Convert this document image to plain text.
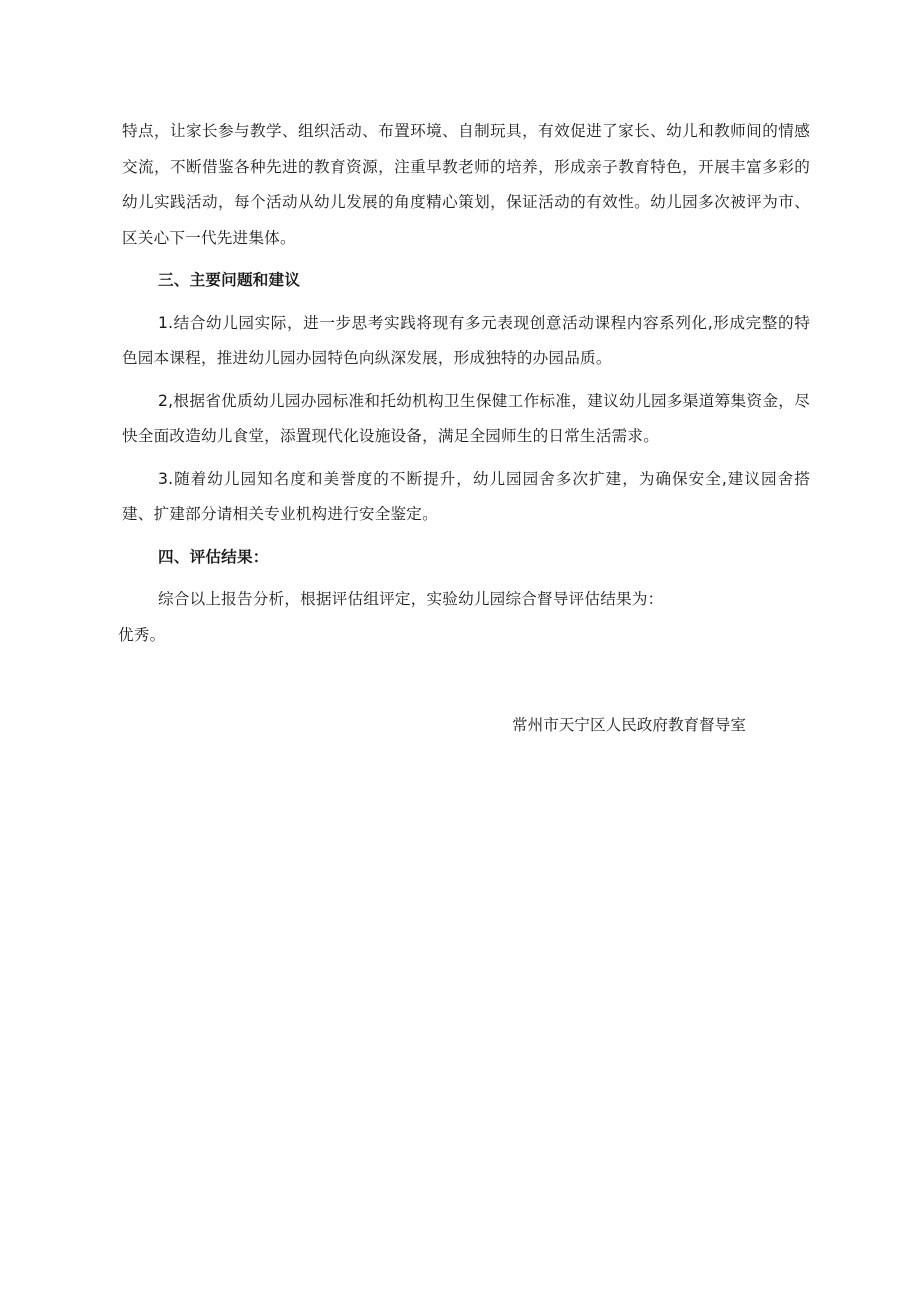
特点，让家长参与教学、组织活动、布置环境、自制玩具，有效促进了家长、幼儿和教师间的情感交流，不断借鉴各种先进的教育资源，注重早教老师的培养，形成亲子教育特色，开展丰富多彩的幼儿实践活动，每个活动从幼儿发展的角度精心策划，保证活动的有效性。幼儿园多次被评为市、区关心下一代先进集体。

三、主要问题和建议

1.结合幼儿园实际，进一步思考实践将现有多元表现创意活动课程内容系列化,形成完整的特色园本课程，推进幼儿园办园特色向纵深发展，形成独特的办园品质。

2,根据省优质幼儿园办园标准和托幼机构卫生保健工作标准，建议幼儿园多渠道筹集资金，尽快全面改造幼儿食堂，添置现代化设施设备，满足全园师生的日常生活需求。

3.随着幼儿园知名度和美誉度的不断提升，幼儿园园舍多次扩建，为确保安全,建议园舍搭建、扩建部分请相关专业机构进行安全鉴定。

四、评估结果：

综合以上报告分析，根据评估组评定，实验幼儿园综合督导评估结果为：

优秀。

常州市天宁区人民政府教育督导室
